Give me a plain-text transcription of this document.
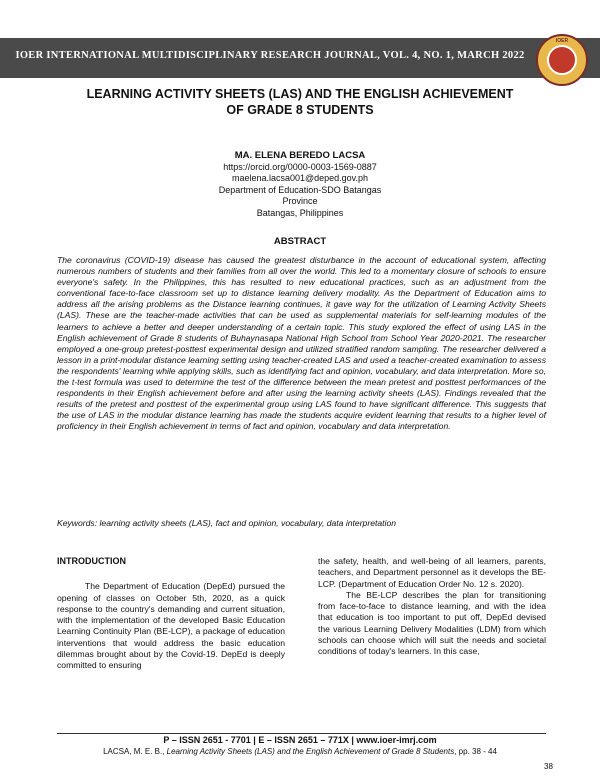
IOER INTERNATIONAL MULTIDISCIPLINARY RESEARCH JOURNAL, VOL. 4, NO. 1, MARCH 2022
IOER
LEARNING ACTIVITY SHEETS (LAS) AND THE ENGLISH ACHIEVEMENT
OF GRADE 8 STUDENTS
MA. ELENA BEREDO LACSA
https://orcid.org/0000-0003-1569-0887
maelena.lacsa001@deped.gov.ph
Department of Education-SDO Batangas Province
Batangas, Philippines
ABSTRACT
The coronavirus (COVID-19) disease has caused the greatest disturbance in the account of educational system, affecting numerous numbers of students and their families from all over the world. This led to a momentary closure of schools to ensure everyone's safety. In the Philippines, this has resulted to new educational practices, such as an adjustment from the conventional face-to-face classroom set up to distance learning delivery modality. As the Department of Education aims to address all the arising problems as the Distance learning continues, it gave way for the utilization of Learning Activity Sheets (LAS). These are the teacher-made activities that can be used as supplemental materials for self-learning modules of the learners to achieve a better and deeper understanding of a certain topic. This study explored the effect of using LAS in the English achievement of Grade 8 students of Buhaynasapa National High School from School Year 2020-2021. The researcher employed a one-group pretest-posttest experimental design and utilized stratified random sampling. The researcher delivered a lesson in a print-modular distance learning setting using teacher-created LAS and used a teacher-created examination to assess the respondents' learning while applying skills, such as identifying fact and opinion, vocabulary, and data interpretation. More so, the t-test formula was used to determine the test of the difference between the mean pretest and posttest performances of the respondents in their English achievement before and after using the learning activity sheets (LAS). Findings revealed that the results of the pretest and posttest of the experimental group using LAS found to have significant difference. This suggests that the use of LAS in the modular distance learning has made the students acquire evident learning that results to a higher level of proficiency in their English achievement in terms of fact and opinion, vocabulary and data interpretation.
Keywords: learning activity sheets (LAS), fact and opinion, vocabulary, data interpretation

INTRODUCTION

The Department of Education (DepEd) pursued the opening of classes on October 5th, 2020, as a quick response to the country's demanding and current situation, with the implementation of the developed Basic Education Learning Continuity Plan (BE-LCP), a package of education interventions that would address the basic education dilemmas brought about by the Covid-19. DepEd is deeply committed to ensuring

the safety, health, and well-being of all learners, parents, teachers, and Department personnel as it develops the BE-LCP. (Department of Education Order No. 12 s. 2020).

The BE-LCP describes the plan for transitioning from face-to-face to distance learning, and with the idea that education is too important to put off, DepEd devised the various Learning Delivery Modalities (LDM) from which schools can choose which will suit the needs and societal conditions of today's learners. In this case,

P – ISSN 2651 - 7701 | E – ISSN 2651 – 771X | www.ioer-imrj.com
LACSA, M. E. B., Learning Activity Sheets (LAS) and the English Achievement of Grade 8 Students, pp. 38 - 44
38
